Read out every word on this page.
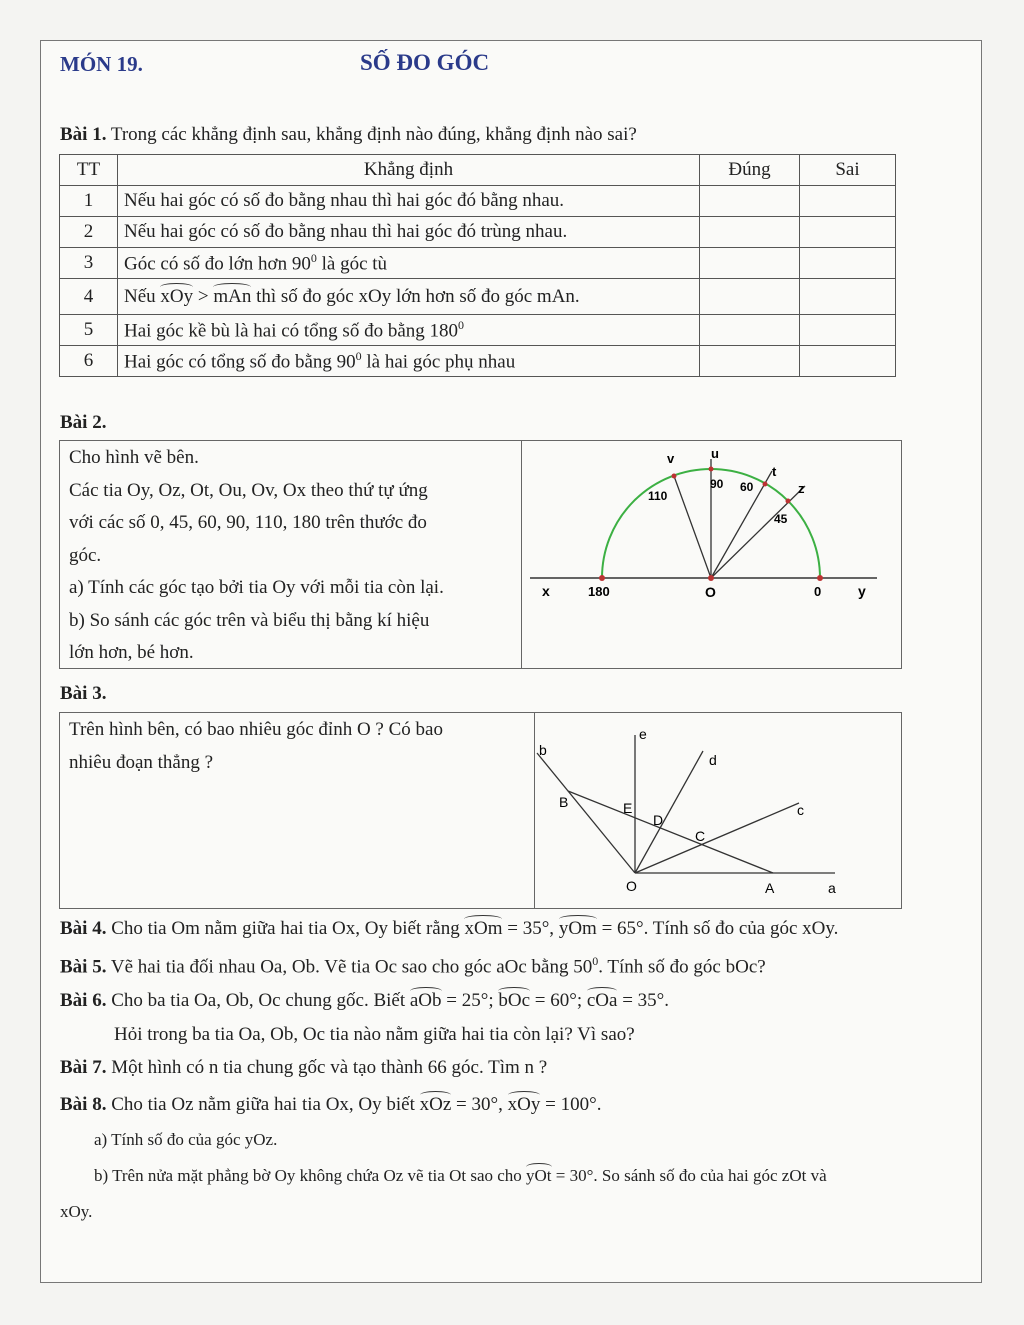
MÓN 19.	SỐ ĐO GÓC
Bài 1. Trong các khẳng định sau, khẳng định nào đúng, khẳng định nào sai?
TT	Khẳng định	Đúng	Sai
1	Nếu hai góc có số đo bằng nhau thì hai góc đó bằng nhau.		
2	Nếu hai góc có số đo bằng nhau thì hai góc đó trùng nhau.		
3	Góc có số đo lớn hơn $90^0$ là góc tù		
4	Nếu xOy > mAn thì số đo góc xOy lớn hơn số đo góc mAn.		
5	Hai góc kề bù là hai có tổng số đo bằng $180^0$		
6	Hai góc có tổng số đo bằng $90^0$ là hai góc phụ nhau		
Bài 2.
Cho hình vẽ bên.
Các tia Oy, Oz, Ot, Ou, Ov, Ox theo thứ tự ứng
với các số 0, 45, 60, 90, 110, 180 trên thước đo
góc.
a) Tính các góc tạo bởi tia Oy với mỗi tia còn lại.
b) So sánh các góc trên và biểu thị bằng kí hiệu
lớn hơn, bé hơn.
x	180	O	0	y
v	u
t
z
110
90 60
45
Bài 3.
Trên hình bên, có bao nhiêu góc đỉnh O ? Có bao
nhiêu đoạn thẳng ?
b
e
d
B	E
D
c
C
O	A	a
Bài 4. Cho tia Om nằm giữa hai tia Ox, Oy biết rằng xOm = 35°, yOm = 65°. Tính số đo của góc xOy.
Bài 5. Vẽ hai tia đối nhau Oa, Ob. Vẽ tia Oc sao cho góc aOc bằng $50^0$. Tính số đo góc bOc?
Bài 6. Cho ba tia Oa, Ob, Oc chung gốc. Biết aOb = 25°; bOc = 60°; cOa = 35°.
Hỏi trong ba tia Oa, Ob, Oc tia nào nằm giữa hai tia còn lại? Vì sao?
Bài 7. Một hình có n tia chung gốc và tạo thành 66 góc. Tìm n ?
Bài 8. Cho tia Oz nằm giữa hai tia Ox, Oy biết xOz = 30°, xOy = 100°.
a) Tính số đo của góc yOz.
b) Trên nửa mặt phẳng bờ Oy không chứa Oz vẽ tia Ot sao cho yOt = 30°. So sánh số đo của hai góc zOt và
xOy.
